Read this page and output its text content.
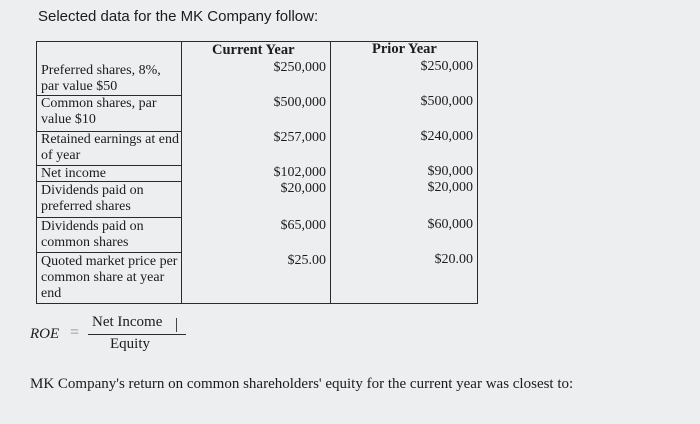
Selected data for the MK Company follow:
Current Year	Prior Year
Preferred shares, 8%, par value $50
Common shares, par value $10
Retained earnings at end of year
Net income
Dividends paid on preferred shares
Dividends paid on common shares
Quoted market price per common share at year end
$250,000
$500,000
$257,000
$102,000
$20,000
$65,000
$25.00
$250,000
$500,000
$240,000
$90,000
$20,000
$60,000
$20.00
ROE =
Net Income
Equity
MK Company's return on common shareholders' equity for the current year was closest to:
